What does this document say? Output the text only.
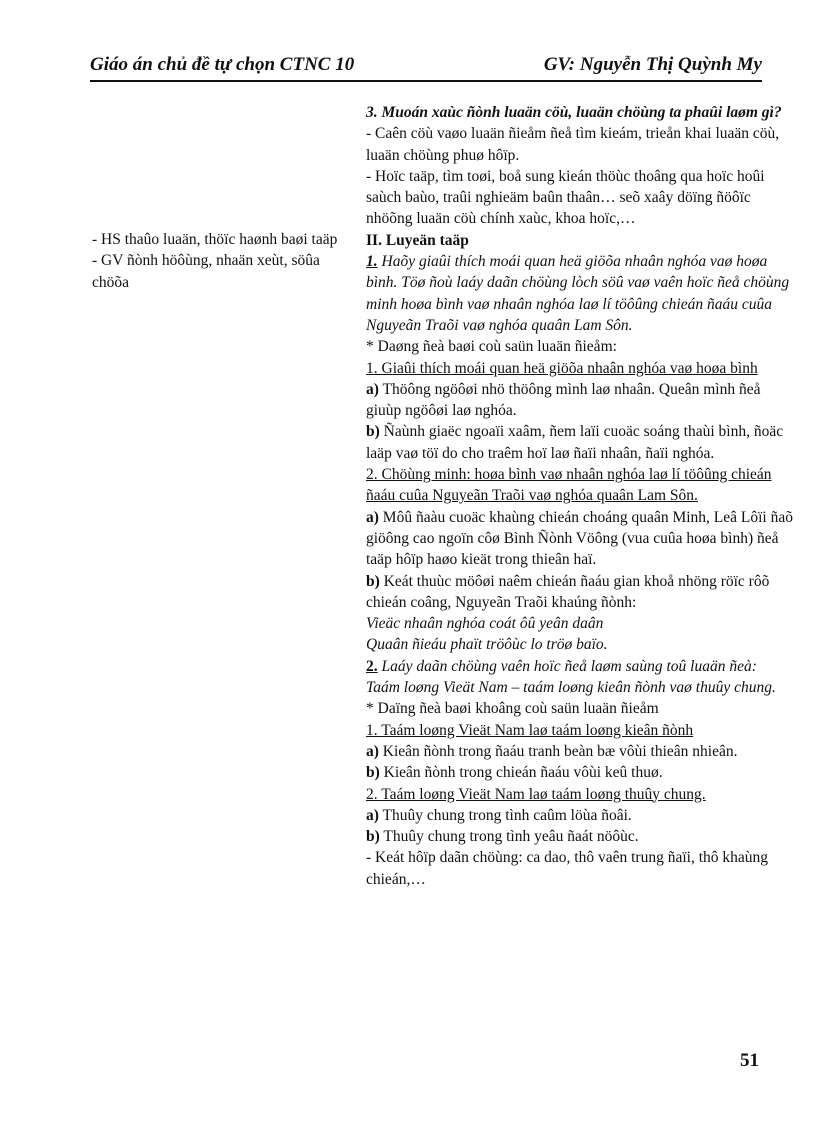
Giáo án chủ đề tự chọn CTNC 10	GV: Nguyễn Thị Quỳnh My

- HS thaûo luaän, thöïc haønh baøi taäp

- GV ñònh höôùng, nhaän xeùt, söûa chöõa

3. Muoán xaùc ñònh luaän cöù, luaän chöùng ta phaûi laøm gì?

- Caên cöù vaøo luaän ñieåm ñeå tìm kieám, trieån khai luaän cöù, luaän chöùng phuø hôïp.

- Hoïc taäp, tìm toøi, boå sung kieán thöùc thoâng qua hoïc hoûi saùch baùo, traûi nghieäm baûn thaân… seõ xaây döïng ñöôïc nhöõng luaän cöù chính xaùc, khoa hoïc,…

II. Luyeän taäp

1. Haõy giaûi thích moái quan heä giöõa nhaân nghóa vaø hoøa bình. Töø ñoù laáy daãn chöùng lòch söû vaø vaên hoïc ñeå chöùng minh hoøa bình vaø nhaân nghóa laø lí töôûng chieán ñaáu cuûa Nguyeãn Traõi vaø nghóa quaân Lam Sôn.

* Daøng ñeà baøi coù saün luaän ñieåm:

1. Giaûi thích moái quan heä giöõa nhaân nghóa vaø hoøa bình

a) Thöông ngöôøi nhö thöông mình laø nhaân. Queân mình ñeå giuùp ngöôøi laø nghóa.

b) Ñaùnh giaëc ngoaïi xaâm, ñem laïi cuoäc soáng thaùi bình, ñoäc laäp vaø töï do cho traêm hoï laø ñaïi nhaân, ñaïi nghóa.

2. Chöùng minh: hoøa bình vaø nhaân nghóa laø lí töôûng chieán ñaáu cuûa Nguyeãn Traõi vaø nghóa quaân Lam Sôn.

a) Môû ñaàu cuoäc khaùng chieán choáng quaân Minh, Leâ Lôïi ñaõ giöông cao ngoïn côø Bình Ñònh Vöông (vua cuûa hoøa bình) ñeå taäp hôïp haøo kieät trong thieân haï.

b) Keát thuùc möôøi naêm chieán ñaáu gian khoå nhöng röïc rôõ chieán coâng, Nguyeãn Traõi khaúng ñònh:

Vieäc nhaân nghóa coát ôû yeân daân

Quaân ñieáu phaït tröôùc lo tröø baïo.

2. Laáy daãn chöùng vaên hoïc ñeå laøm saùng toû luaän ñeà: Taám loøng Vieät Nam – taám loøng kieân ñònh vaø thuûy chung.

* Daïng ñeà baøi khoâng coù saün luaän ñieåm

1. Taám loøng Vieät Nam laø taám loøng kieân ñònh

a) Kieân ñònh trong ñaáu tranh beàn bæ vôùi thieân nhieân.

b) Kieân ñònh trong chieán ñaáu vôùi keû thuø.

2. Taám loøng Vieät Nam laø taám loøng thuûy chung.

a) Thuûy chung trong tình caûm löùa ñoâi.

b) Thuûy chung trong tình yeâu ñaát nöôùc.

- Keát hôïp daãn chöùng: ca dao, thô vaên trung ñaïi, thô khaùng chieán,…

51
